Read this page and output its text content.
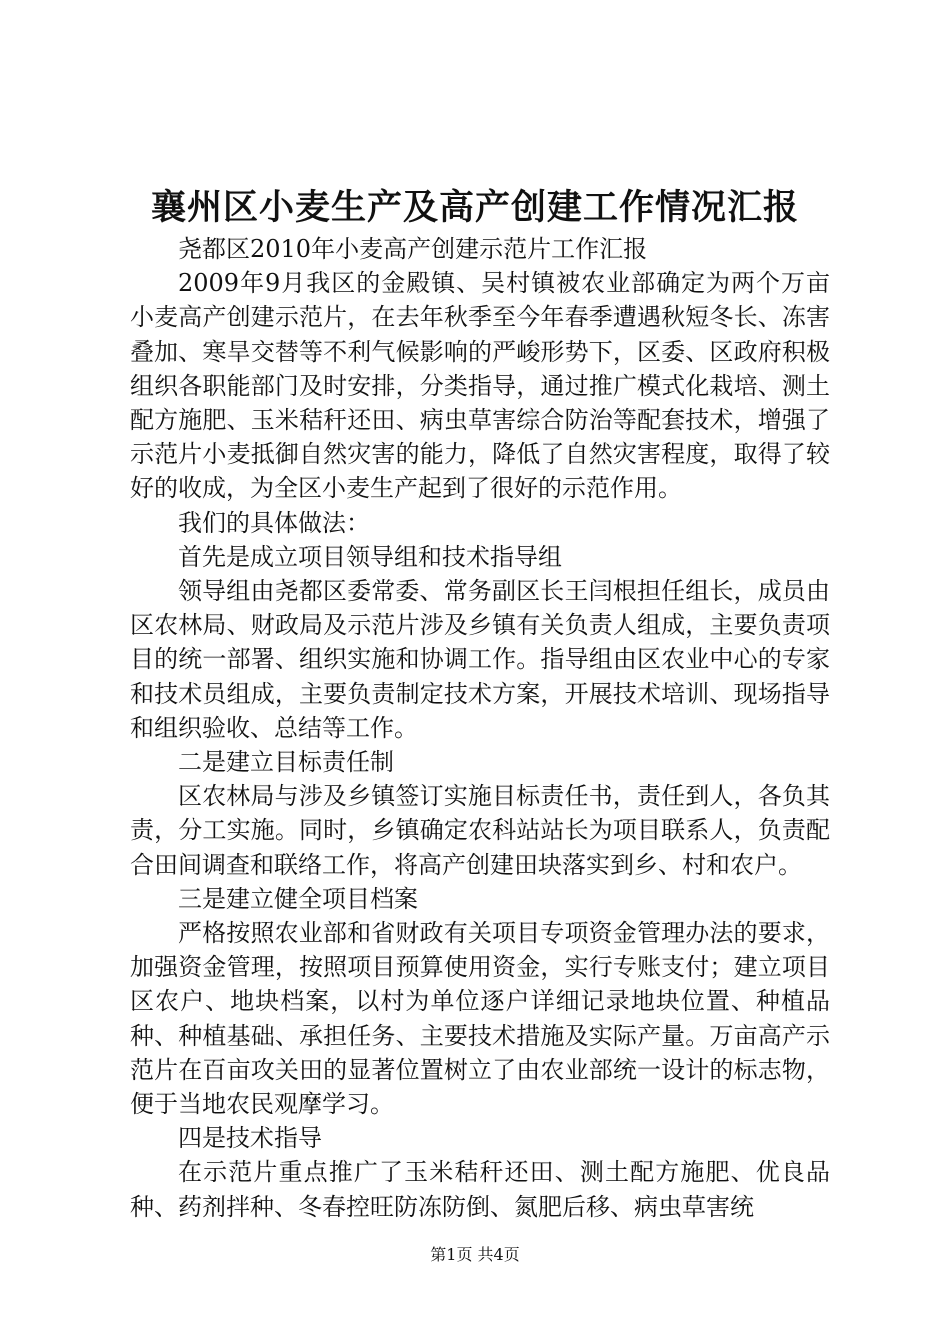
襄州区小麦生产及高产创建工作情况汇报

尧都区2010年小麦高产创建示范片工作汇报

2009年9月我区的金殿镇、吴村镇被农业部确定为两个万亩小麦高产创建示范片，在去年秋季至今年春季遭遇秋短冬长、冻害叠加、寒旱交替等不利气候影响的严峻形势下，区委、区政府积极组织各职能部门及时安排，分类指导，通过推广模式化栽培、测土配方施肥、玉米秸秆还田、病虫草害综合防治等配套技术，增强了示范片小麦抵御自然灾害的能力，降低了自然灾害程度，取得了较好的收成，为全区小麦生产起到了很好的示范作用。

我们的具体做法：

首先是成立项目领导组和技术指导组

领导组由尧都区委常委、常务副区长王闫根担任组长，成员由区农林局、财政局及示范片涉及乡镇有关负责人组成，主要负责项目的统一部署、组织实施和协调工作。指导组由区农业中心的专家和技术员组成，主要负责制定技术方案，开展技术培训、现场指导和组织验收、总结等工作。

二是建立目标责任制

区农林局与涉及乡镇签订实施目标责任书，责任到人，各负其责，分工实施。同时，乡镇确定农科站站长为项目联系人，负责配合田间调查和联络工作，将高产创建田块落实到乡、村和农户。

三是建立健全项目档案

严格按照农业部和省财政有关项目专项资金管理办法的要求，加强资金管理，按照项目预算使用资金，实行专账支付；建立项目区农户、地块档案，以村为单位逐户详细记录地块位置、种植品种、种植基础、承担任务、主要技术措施及实际产量。万亩高产示范片在百亩攻关田的显著位置树立了由农业部统一设计的标志物，便于当地农民观摩学习。

四是技术指导

在示范片重点推广了玉米秸秆还田、测土配方施肥、优良品种、药剂拌种、冬春控旺防冻防倒、氮肥后移、病虫草害统

第1页 共4页
